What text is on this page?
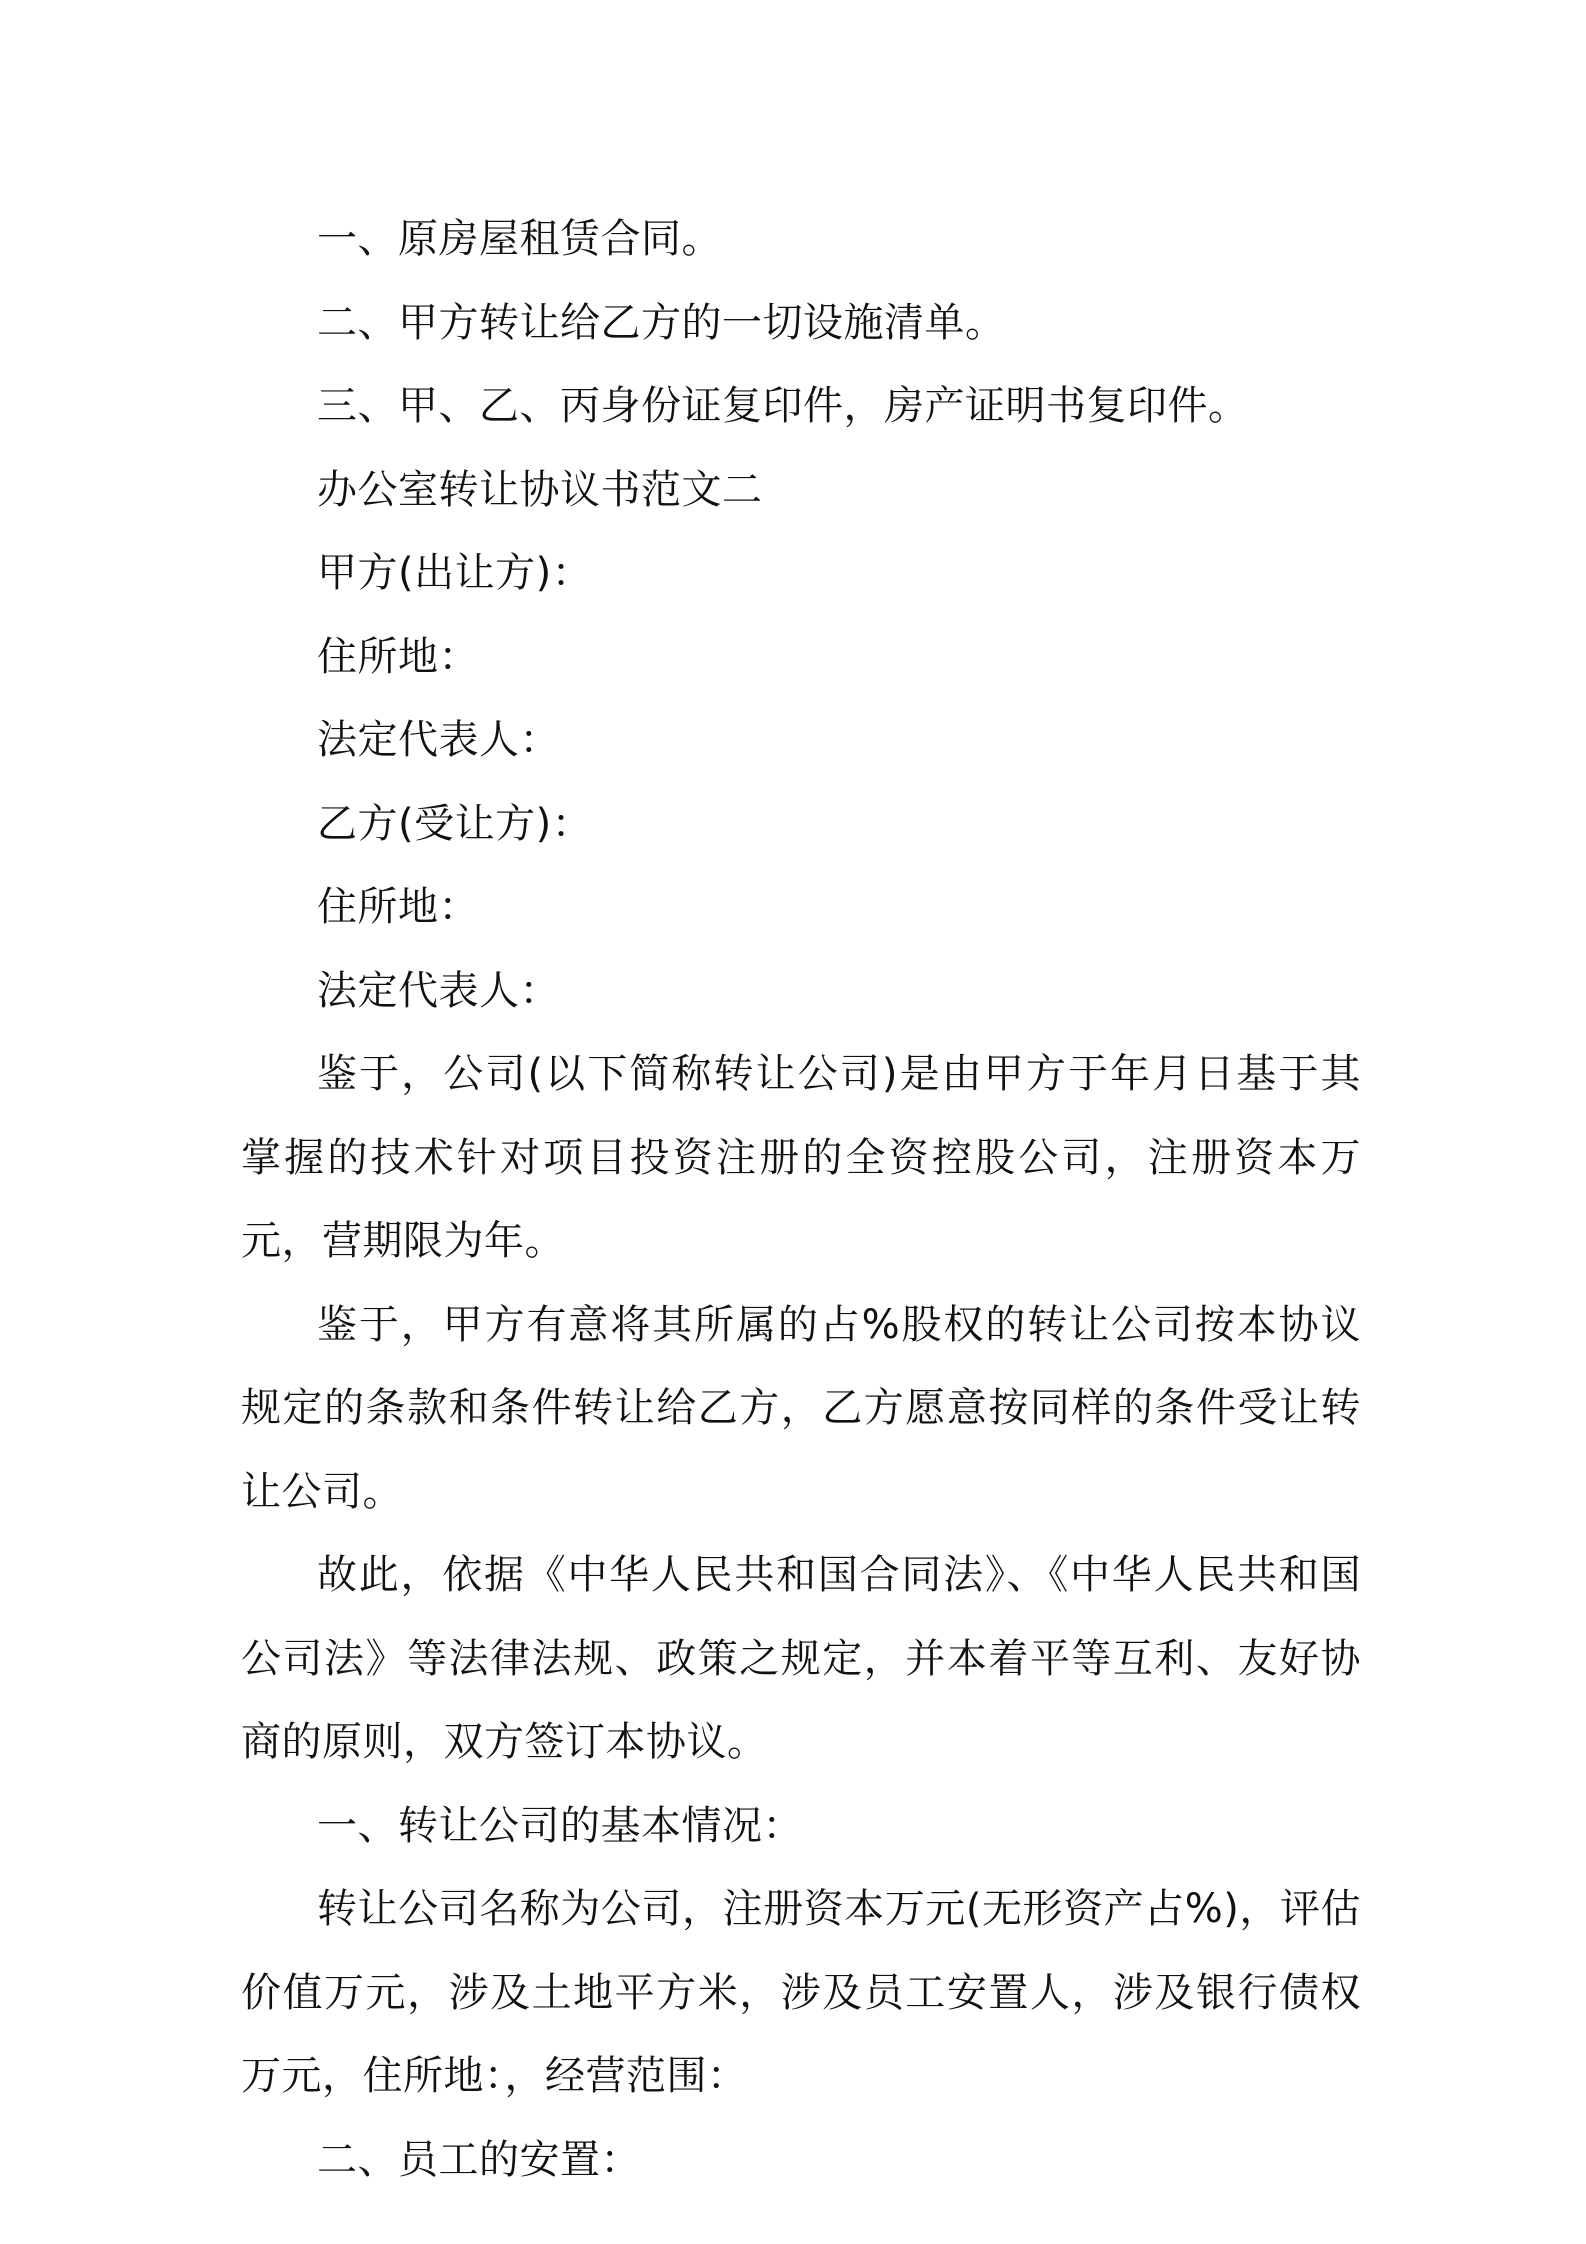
一、原房屋租赁合同。
二、甲方转让给乙方的一切设施清单。
三、甲、乙、丙身份证复印件，房产证明书复印件。
办公室转让协议书范文二
甲方(出让方)：
住所地：
法定代表人：
乙方(受让方)：
住所地：
法定代表人：
鉴于，公司(以下简称转让公司)是由甲方于年月日基于其掌握的技术针对项目投资注册的全资控股公司，注册资本万元，营期限为年。
鉴于，甲方有意将其所属的占%股权的转让公司按本协议规定的条款和条件转让给乙方，乙方愿意按同样的条件受让转让公司。
故此，依据《中华人民共和国合同法》、《中华人民共和国公司法》等法律法规、政策之规定，并本着平等互利、友好协商的原则，双方签订本协议。
一、转让公司的基本情况：
转让公司名称为公司，注册资本万元(无形资产占%)，评估价值万元，涉及土地平方米，涉及员工安置人，涉及银行债权万元，住所地：，经营范围：
二、员工的安置：
